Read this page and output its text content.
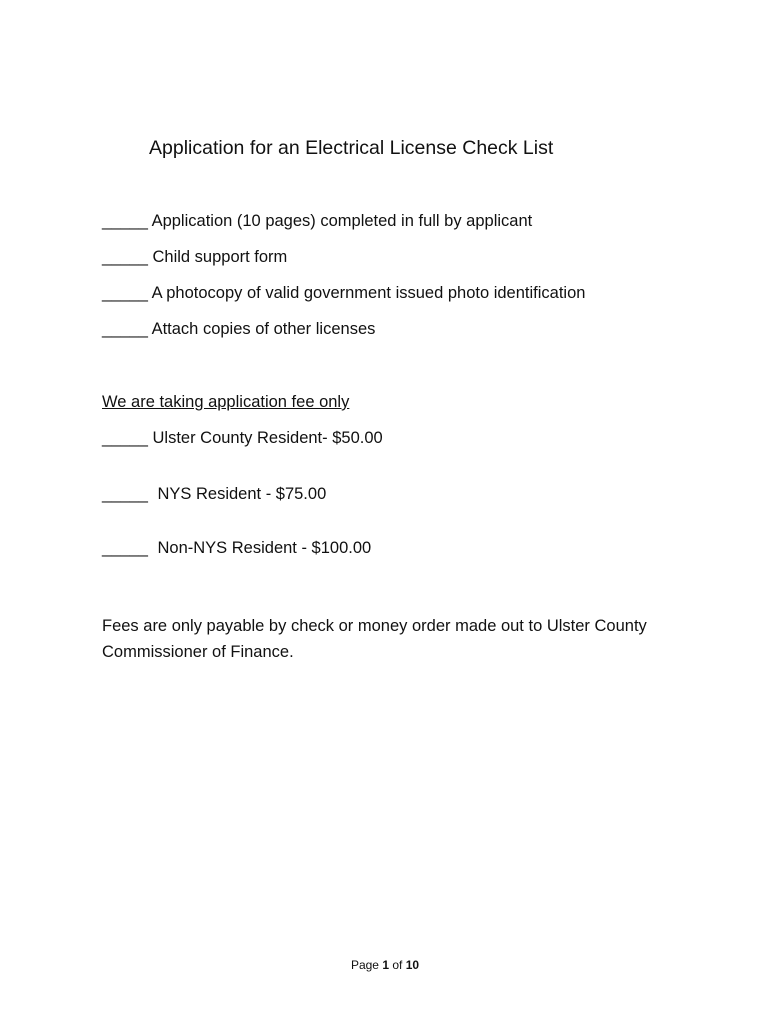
Application for an Electrical License Check List
_____ Application (10 pages) completed in full by applicant
_____ Child support form
_____ A photocopy of valid government issued photo identification
_____ Attach copies of other licenses
We are taking application fee only
_____ Ulster County Resident- $50.00
_____ NYS Resident - $75.00
_____ Non-NYS Resident - $100.00
Fees are only payable by check or money order made out to Ulster County Commissioner of Finance.
Page 1 of 10
